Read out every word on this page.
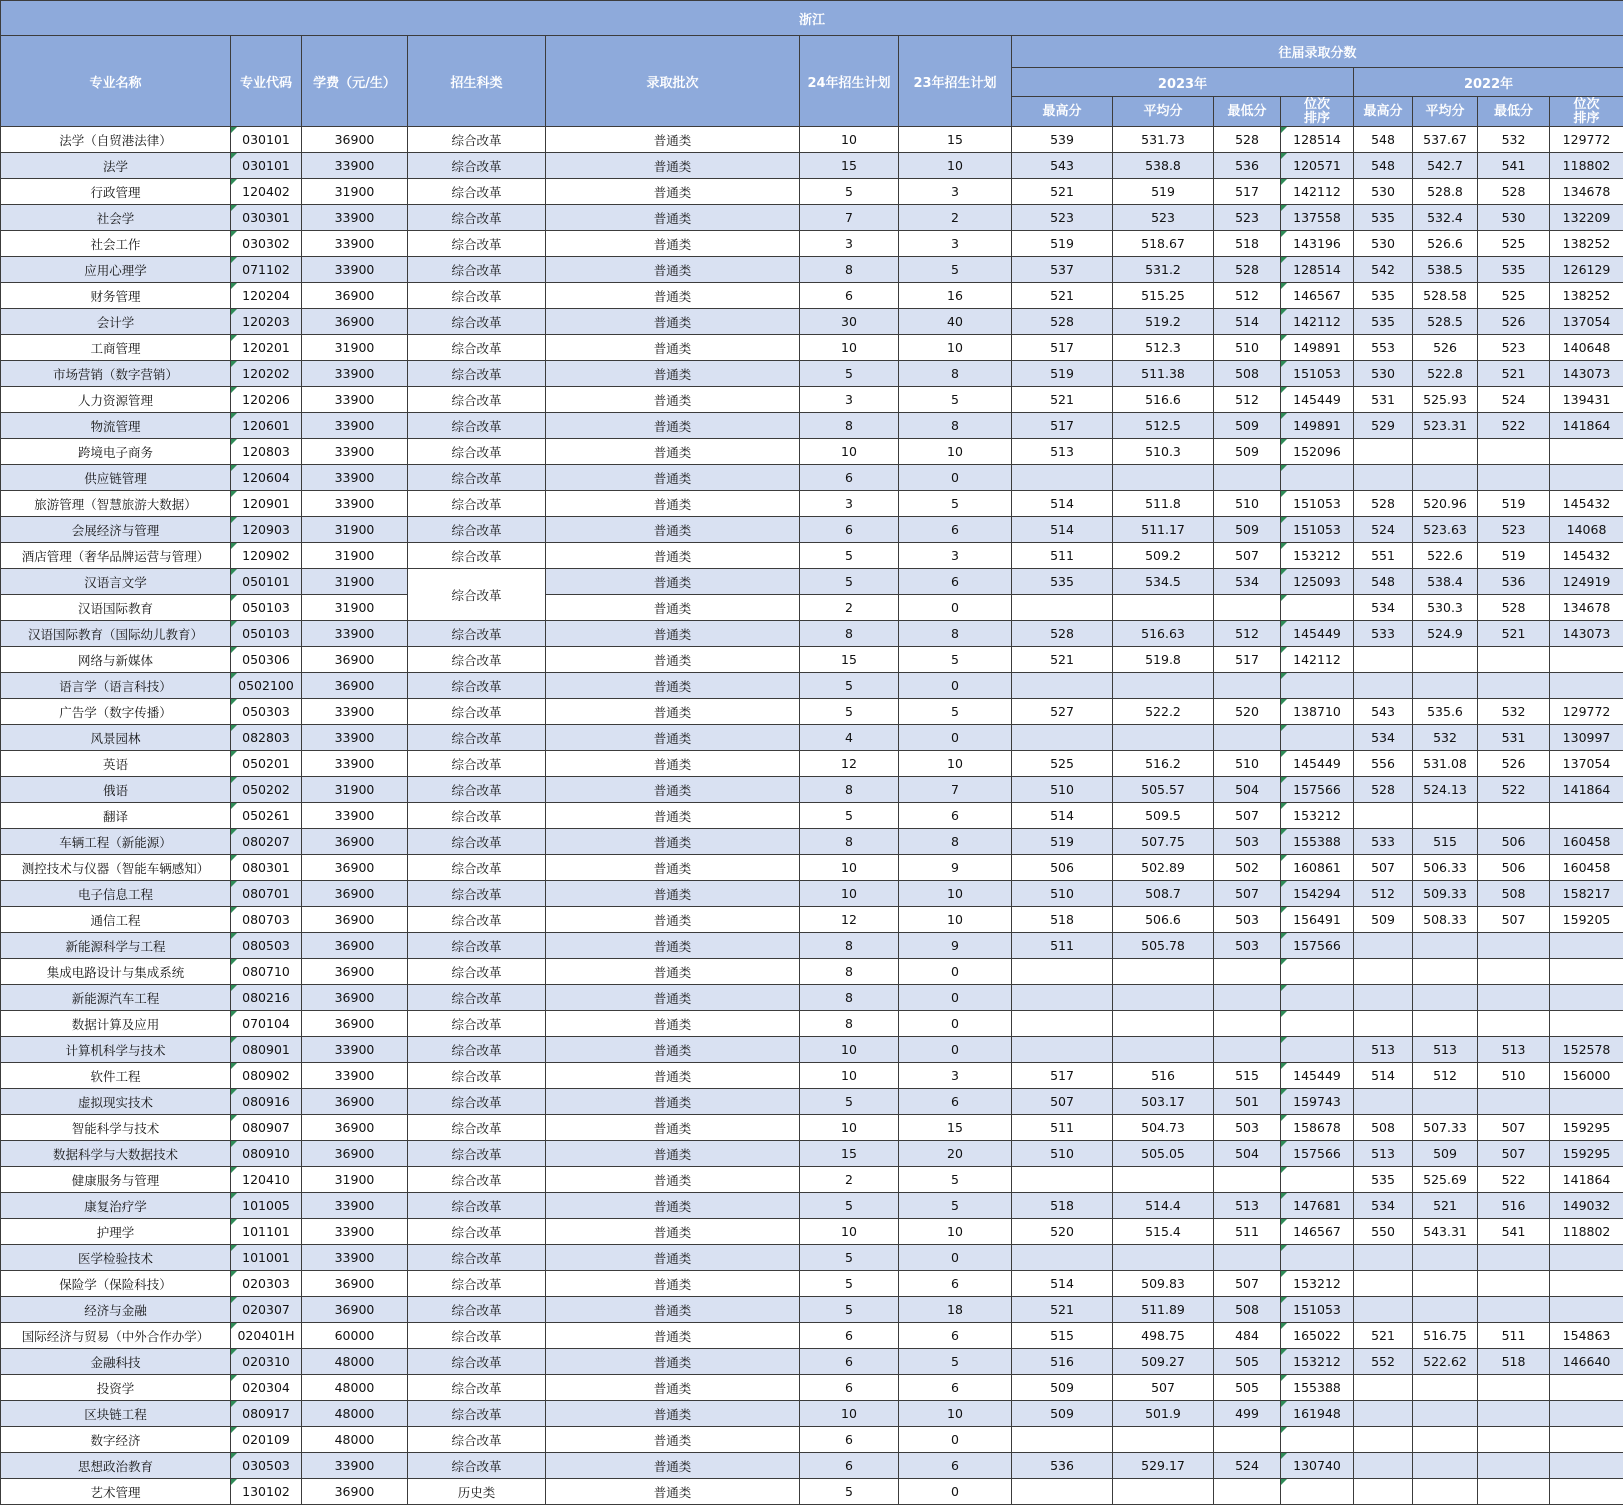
浙江														
专业名称	专业代码	学费（元/生）	招生科类	录取批次	24年招生计划	23年招生计划	往届录取分数							
							2023年				2022年			
							最高分	平均分	最低分	位次排序	最高分	平均分	最低分	位次排序

法学（自贸港法律）	030101	36900	综合改革	普通类	10	15	539	531.73	528	128514	548	537.67	532	129772
法学	030101	33900	综合改革	普通类	15	10	543	538.8	536	120571	548	542.7	541	118802
行政管理	120402	31900	综合改革	普通类	5	3	521	519	517	142112	530	528.8	528	134678
社会学	030301	33900	综合改革	普通类	7	2	523	523	523	137558	535	532.4	530	132209
社会工作	030302	33900	综合改革	普通类	3	3	519	518.67	518	143196	530	526.6	525	138252
应用心理学	071102	33900	综合改革	普通类	8	5	537	531.2	528	128514	542	538.5	535	126129
财务管理	120204	36900	综合改革	普通类	6	16	521	515.25	512	146567	535	528.58	525	138252
会计学	120203	36900	综合改革	普通类	30	40	528	519.2	514	142112	535	528.5	526	137054
工商管理	120201	31900	综合改革	普通类	10	10	517	512.3	510	149891	553	526	523	140648
市场营销（数字营销）	120202	33900	综合改革	普通类	5	8	519	511.38	508	151053	530	522.8	521	143073
人力资源管理	120206	33900	综合改革	普通类	3	5	521	516.6	512	145449	531	525.93	524	139431
物流管理	120601	33900	综合改革	普通类	8	8	517	512.5	509	149891	529	523.31	522	141864
跨境电子商务	120803	33900	综合改革	普通类	10	10	513	510.3	509	152096				
供应链管理	120604	33900	综合改革	普通类	6	0								
旅游管理（智慧旅游大数据）	120901	33900	综合改革	普通类	3	5	514	511.8	510	151053	528	520.96	519	145432
会展经济与管理	120903	31900	综合改革	普通类	6	6	514	511.17	509	151053	524	523.63	523	14068
酒店管理（奢华品牌运营与管理）	120902	31900	综合改革	普通类	5	3	511	509.2	507	153212	551	522.6	519	145432
汉语言文学	050101	31900	综合改革	普通类	5	6	535	534.5	534	125093	548	538.4	536	124919
汉语国际教育	050103	31900		普通类	2	0					534	530.3	528	134678
汉语国际教育（国际幼儿教育）	050103	33900	综合改革	普通类	8	8	528	516.63	512	145449	533	524.9	521	143073
网络与新媒体	050306	36900	综合改革	普通类	15	5	521	519.8	517	142112				
语言学（语言科技）	0502100	36900	综合改革	普通类	5	0								
广告学（数字传播）	050303	33900	综合改革	普通类	5	5	527	522.2	520	138710	543	535.6	532	129772
风景园林	082803	33900	综合改革	普通类	4	0					534	532	531	130997
英语	050201	33900	综合改革	普通类	12	10	525	516.2	510	145449	556	531.08	526	137054
俄语	050202	31900	综合改革	普通类	8	7	510	505.57	504	157566	528	524.13	522	141864
翻译	050261	33900	综合改革	普通类	5	6	514	509.5	507	153212				
车辆工程（新能源）	080207	36900	综合改革	普通类	8	8	519	507.75	503	155388	533	515	506	160458
测控技术与仪器（智能车辆感知）	080301	36900	综合改革	普通类	10	9	506	502.89	502	160861	507	506.33	506	160458
电子信息工程	080701	36900	综合改革	普通类	10	10	510	508.7	507	154294	512	509.33	508	158217
通信工程	080703	36900	综合改革	普通类	12	10	518	506.6	503	156491	509	508.33	507	159205
新能源科学与工程	080503	36900	综合改革	普通类	8	9	511	505.78	503	157566				
集成电路设计与集成系统	080710	36900	综合改革	普通类	8	0								
新能源汽车工程	080216	36900	综合改革	普通类	8	0								
数据计算及应用	070104	36900	综合改革	普通类	8	0								
计算机科学与技术	080901	33900	综合改革	普通类	10	0					513	513	513	152578
软件工程	080902	33900	综合改革	普通类	10	3	517	516	515	145449	514	512	510	156000
虚拟现实技术	080916	36900	综合改革	普通类	5	6	507	503.17	501	159743				
智能科学与技术	080907	36900	综合改革	普通类	10	15	511	504.73	503	158678	508	507.33	507	159295
数据科学与大数据技术	080910	36900	综合改革	普通类	15	20	510	505.05	504	157566	513	509	507	159295
健康服务与管理	120410	31900	综合改革	普通类	2	5					535	525.69	522	141864
康复治疗学	101005	33900	综合改革	普通类	5	5	518	514.4	513	147681	534	521	516	149032
护理学	101101	33900	综合改革	普通类	10	10	520	515.4	511	146567	550	543.31	541	118802
医学检验技术	101001	33900	综合改革	普通类	5	0								
保险学（保险科技）	020303	36900	综合改革	普通类	5	6	514	509.83	507	153212				
经济与金融	020307	36900	综合改革	普通类	5	18	521	511.89	508	151053				
国际经济与贸易（中外合作办学）	020401H	60000	综合改革	普通类	6	6	515	498.75	484	165022	521	516.75	511	154863
金融科技	020310	48000	综合改革	普通类	6	5	516	509.27	505	153212	552	522.62	518	146640
投资学	020304	48000	综合改革	普通类	6	6	509	507	505	155388				
区块链工程	080917	48000	综合改革	普通类	10	10	509	501.9	499	161948				
数字经济	020109	48000	综合改革	普通类	6	0								
思想政治教育	030503	33900	综合改革	普通类	6	6	536	529.17	524	130740				
艺术管理	130102	36900	历史类	普通类	5	0								
